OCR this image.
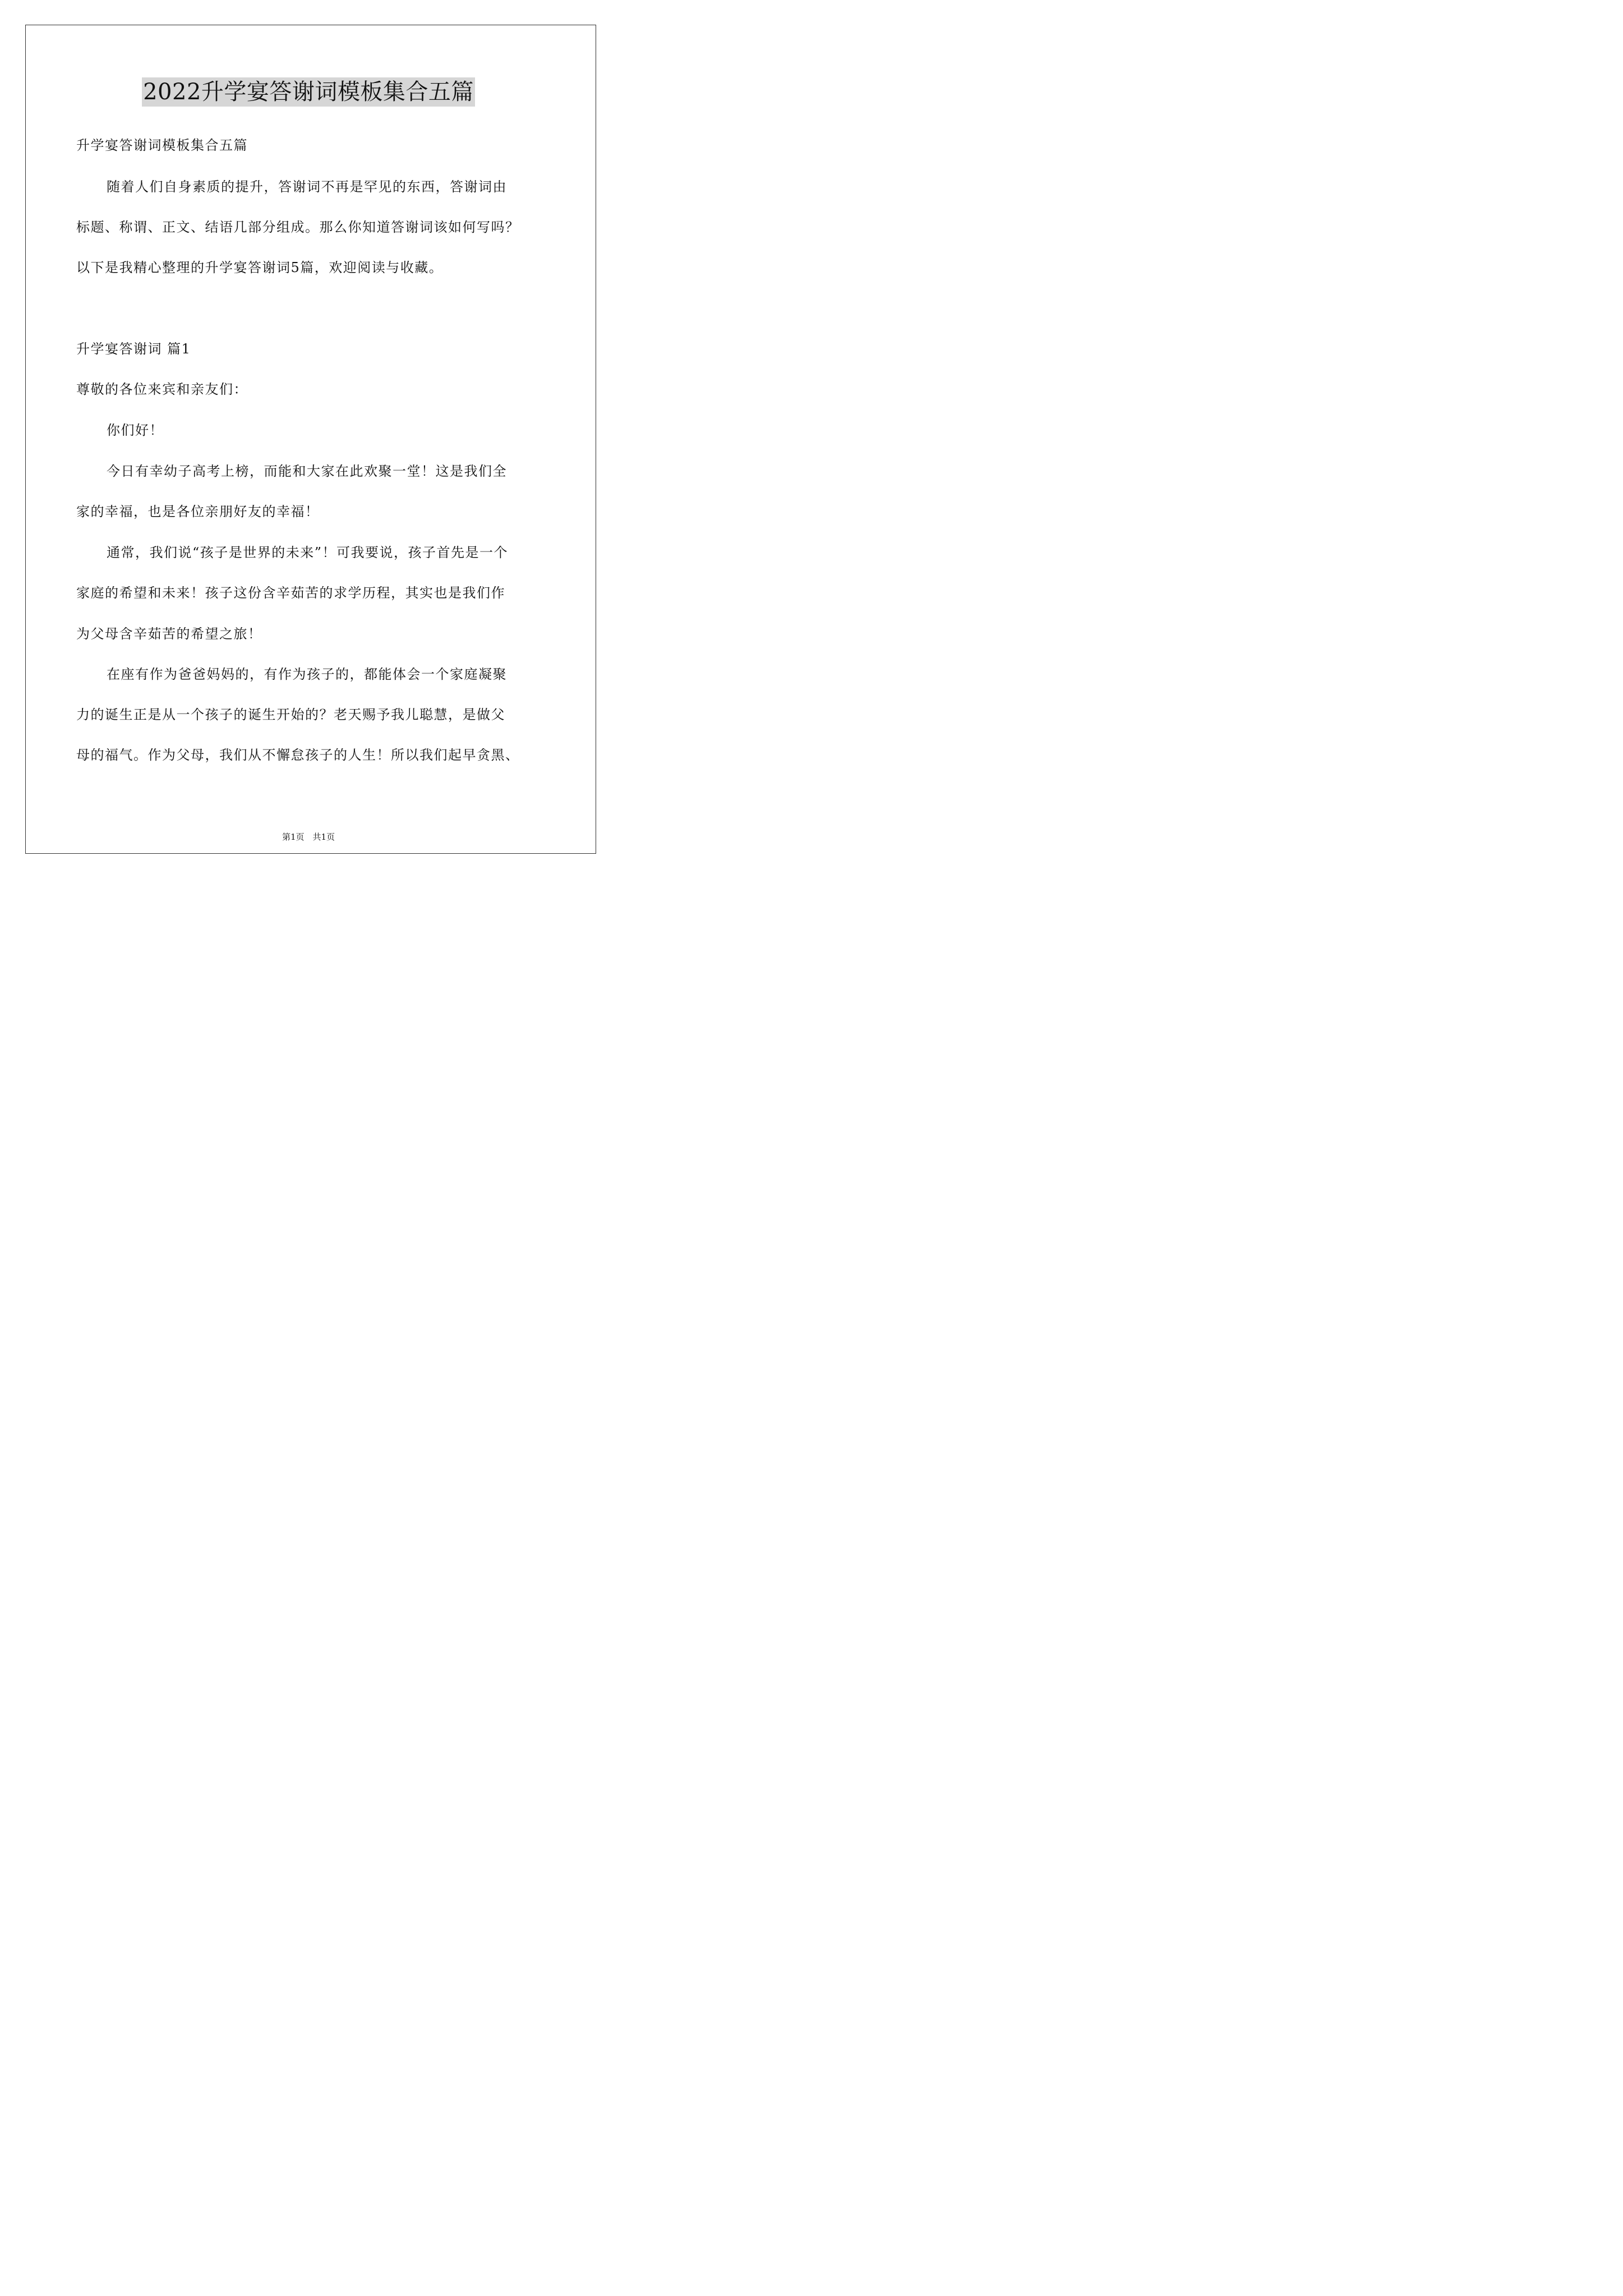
2022升学宴答谢词模板集合五篇
升学宴答谢词模板集合五篇
随着人们自身素质的提升，答谢词不再是罕见的东西，答谢词由
标题、称谓、正文、结语几部分组成。那么你知道答谢词该如何写吗？
以下是我精心整理的升学宴答谢词5篇，欢迎阅读与收藏。
升学宴答谢词 篇1
尊敬的各位来宾和亲友们：
你们好！
今日有幸幼子高考上榜，而能和大家在此欢聚一堂！这是我们全
家的幸福，也是各位亲朋好友的幸福！
通常，我们说“孩子是世界的未来”！可我要说，孩子首先是一个
家庭的希望和未来！孩子这份含辛茹苦的求学历程，其实也是我们作
为父母含辛茹苦的希望之旅！
在座有作为爸爸妈妈的，有作为孩子的，都能体会一个家庭凝聚
力的诞生正是从一个孩子的诞生开始的？老天赐予我儿聪慧，是做父
母的福气。作为父母，我们从不懈怠孩子的人生！所以我们起早贪黑、
第1页　共1页
